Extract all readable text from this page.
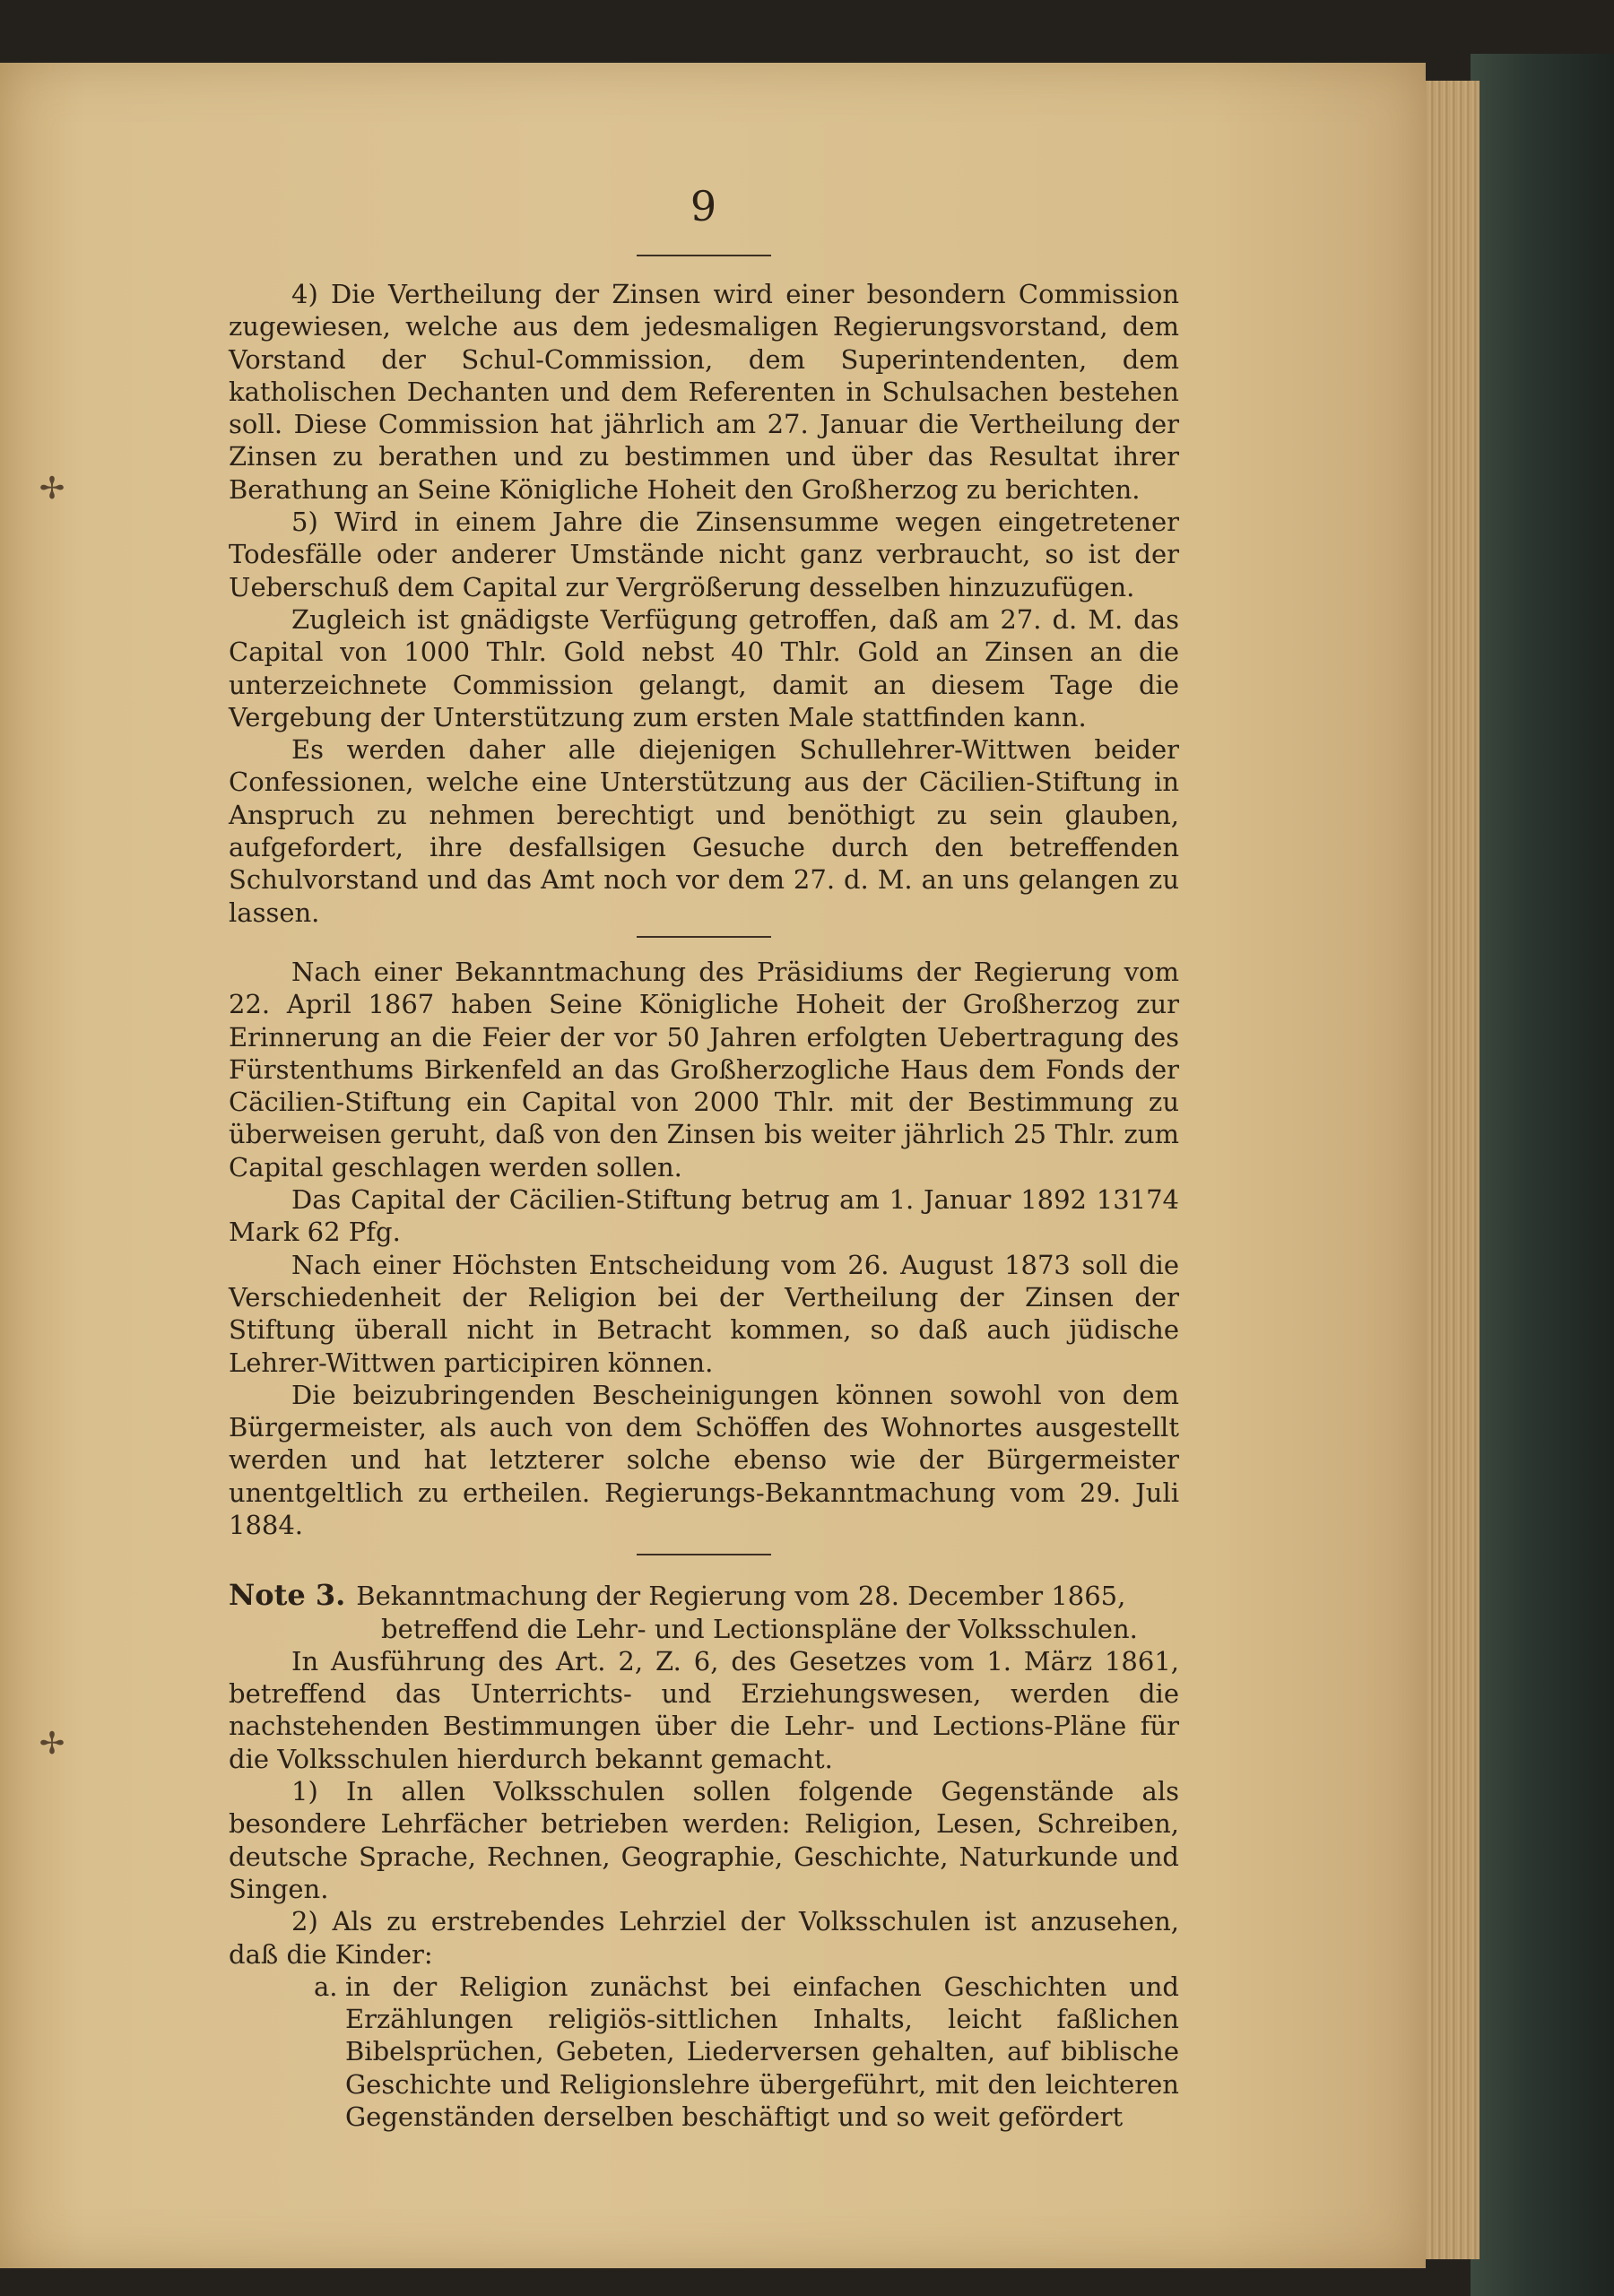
✢
✢
9

4) Die Vertheilung der Zinsen wird einer besondern Commission zugewiesen, welche aus dem jedesmaligen Regierungsvorstand, dem Vorstand der Schul-Commission, dem Superintendenten, dem katholischen Dechanten und dem Referenten in Schulsachen bestehen soll. Diese Commission hat jährlich am 27. Januar die Vertheilung der Zinsen zu berathen und zu bestimmen und über das Resultat ihrer Berathung an Seine Königliche Hoheit den Großherzog zu berichten.

5) Wird in einem Jahre die Zinsensumme wegen eingetretener Todesfälle oder anderer Umstände nicht ganz verbraucht, so ist der Ueberschuß dem Capital zur Vergrößerung desselben hinzuzufügen.

Zugleich ist gnädigste Verfügung getroffen, daß am 27. d. M. das Capital von 1000 Thlr. Gold nebst 40 Thlr. Gold an Zinsen an die unterzeichnete Commission gelangt, damit an diesem Tage die Vergebung der Unterstützung zum ersten Male stattfinden kann.

Es werden daher alle diejenigen Schullehrer-Wittwen beider Confessionen, welche eine Unterstützung aus der Cäcilien-Stiftung in Anspruch zu nehmen berechtigt und benöthigt zu sein glauben, aufgefordert, ihre desfallsigen Gesuche durch den betreffenden Schulvorstand und das Amt noch vor dem 27. d. M. an uns gelangen zu lassen.

Nach einer Bekanntmachung des Präsidiums der Regierung vom 22. April 1867 haben Seine Königliche Hoheit der Großherzog zur Erinnerung an die Feier der vor 50 Jahren erfolgten Uebertragung des Fürstenthums Birkenfeld an das Großherzogliche Haus dem Fonds der Cäcilien-Stiftung ein Capital von 2000 Thlr. mit der Bestimmung zu überweisen geruht, daß von den Zinsen bis weiter jährlich 25 Thlr. zum Capital geschlagen werden sollen.

Das Capital der Cäcilien-Stiftung betrug am 1. Januar 1892 13174 Mark 62 Pfg.

Nach einer Höchsten Entscheidung vom 26. August 1873 soll die Verschiedenheit der Religion bei der Vertheilung der Zinsen der Stiftung überall nicht in Betracht kommen, so daß auch jüdische Lehrer-Wittwen participiren können.

Die beizubringenden Bescheinigungen können sowohl von dem Bürgermeister, als auch von dem Schöffen des Wohnortes ausgestellt werden und hat letzterer solche ebenso wie der Bürgermeister unentgeltlich zu ertheilen. Regierungs-Bekanntmachung vom 29. Juli 1884.

Note 3. Bekanntmachung der Regierung vom 28. December 1865,

betreffend die Lehr- und Lectionspläne der Volksschulen.

In Ausführung des Art. 2, Z. 6, des Gesetzes vom 1. März 1861, betreffend das Unterrichts- und Erziehungswesen, werden die nachstehenden Bestimmungen über die Lehr- und Lections-Pläne für die Volksschulen hierdurch bekannt gemacht.

1) In allen Volksschulen sollen folgende Gegenstände als besondere Lehrfächer betrieben werden: Religion, Lesen, Schreiben, deutsche Sprache, Rechnen, Geographie, Geschichte, Naturkunde und Singen.

2) Als zu erstrebendes Lehrziel der Volksschulen ist anzusehen, daß die Kinder:

a. in der Religion zunächst bei einfachen Geschichten und Erzählungen religiös-sittlichen Inhalts, leicht faßlichen Bibelsprüchen, Gebeten, Liederversen gehalten, auf biblische Geschichte und Religionslehre übergeführt, mit den leichteren Gegenständen derselben beschäftigt und so weit gefördert
